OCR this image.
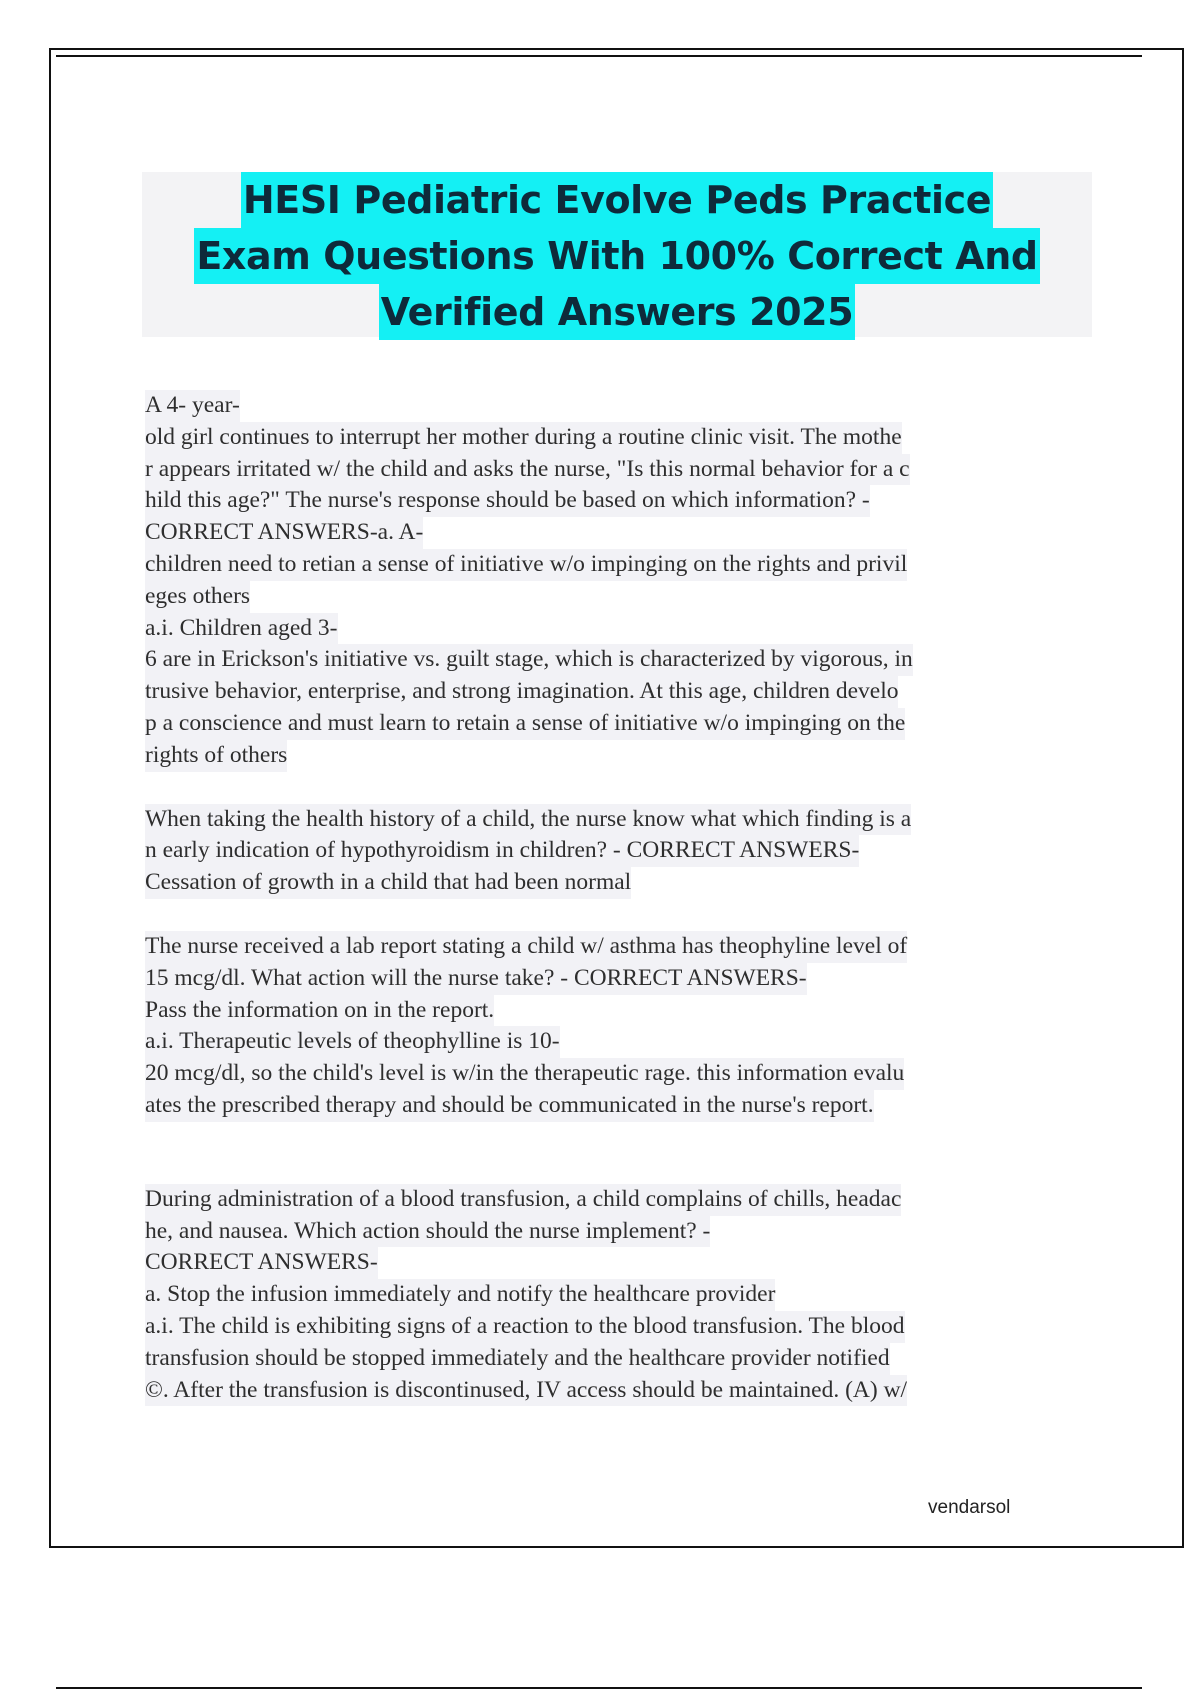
HESI Pediatric Evolve Peds Practice
Exam Questions With 100% Correct And
Verified Answers 2025
A 4- year-
old girl continues to interrupt her mother during a routine clinic visit. The mothe
r appears irritated w/ the child and asks the nurse, "Is this normal behavior for a c
hild this age?" The nurse's response should be based on which information? -
CORRECT ANSWERS-a. A-
children need to retian a sense of initiative w/o impinging on the rights and privil
eges others
a.i. Children aged 3-
6 are in Erickson's initiative vs. guilt stage, which is characterized by vigorous, in
trusive behavior, enterprise, and strong imagination. At this age, children develo
p a conscience and must learn to retain a sense of initiative w/o impinging on the
rights of others
When taking the health history of a child, the nurse know what which finding is a
n early indication of hypothyroidism in children? - CORRECT ANSWERS-
Cessation of growth in a child that had been normal
The nurse received a lab report stating a child w/ asthma has theophyline level of
15 mcg/dl. What action will the nurse take? - CORRECT ANSWERS-
Pass the information on in the report.
a.i. Therapeutic levels of theophylline is 10-
20 mcg/dl, so the child's level is w/in the therapeutic rage. this information evalu
ates the prescribed therapy and should be communicated in the nurse's report.
During administration of a blood transfusion, a child complains of chills, headac
he, and nausea. Which action should the nurse implement? -
CORRECT ANSWERS-
a. Stop the infusion immediately and notify the healthcare provider
a.i. The child is exhibiting signs of a reaction to the blood transfusion. The blood
transfusion should be stopped immediately and the healthcare provider notified
©. After the transfusion is discontinused, IV access should be maintained. (A) w/
vendarsol
